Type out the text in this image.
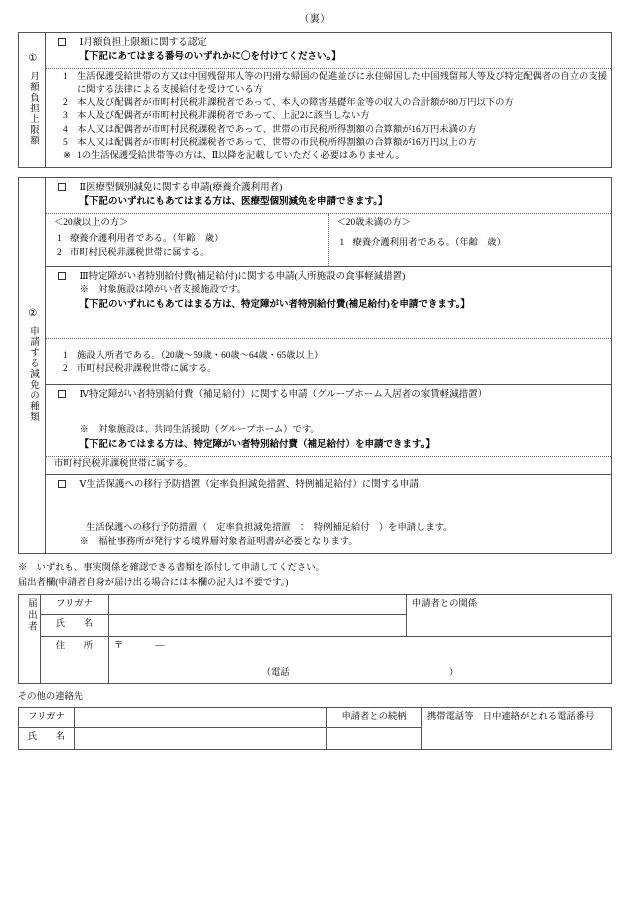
（裏）
①
月額負担上限額
Ⅰ月額負担上限額に関する認定
【下記にあてはまる番号のいずれかに〇を付けてください。】
1	生活保護受給世帯の方又は中国残留邦人等の円滑な帰国の促進並びに永住帰国した中国残留邦人等及び特定配偶者の自立の支援に関する法律による支援給付を受けている方
2	本人及び配偶者が市町村民税非課税者であって、本人の障害基礎年金等の収入の合計額が80万円以下の方
3	本人及び配偶者が市町村民税非課税者であって、上記2に該当しない方
4	本人又は配偶者が市町村民税課税者であって、世帯の市民税所得割額の合算額が16万円未満の方
5	本人又は配偶者が市町村民税課税者であって、世帯の市民税所得割額の合算額が16万円以上の方
※ 1の生活保護受給世帯等の方は、Ⅱ以降を記載していただく必要はありません。
②
申請する減免の種類
Ⅱ医療型個別減免に関する申請(療養介護利用者)
【下記のいずれにもあてはまる方は、医療型個別減免を申請できます。】
＜20歳以上の方＞
1 療養介護利用者である。（年齢　歳）
2 市町村民税非課税世帯に属する。
＜20歳未満の方＞
1 療養介護利用者である。（年齢　歳）
Ⅲ特定障がい者特別給付費(補足給付)に関する申請(入所施設の食事軽減措置)
※　対象施設は障がい者支援施設です。
【下記のいずれにもあてはまる方は、特定障がい者特別給付費(補足給付)を申請できます。】
1	施設入所者である。（20歳～59歳・60歳～64歳・65歳以上）
2	市町村民税非課税世帯に属する。
Ⅳ特定障がい者特別給付費（補足給付）に関する申請（グループホーム入居者の家賃軽減措置）
※　対象施設は、共同生活援助（グループホーム）です。
【下記にあてはまる方は、特定障がい者特別給付費（補足給付）を申請できます。】
市町村民税非課税世帯に属する。
Ⅴ生活保護への移行予防措置（定率負担減免措置、特例補足給付）に関する申請
生活保護への移行予防措置（　定率負担減免措置　：　特例補足給付　）を申請します。
※　福祉事務所が発行する境界層対象者証明書が必要となります。
※　いずれも、事実関係を確認できる書類を添付して申請してください。
届出者欄(申請者自身が届け出る場合には本欄の記入は不要です。)
届出者	フリガナ		申請者との関係
	氏　　名		
	住　　所	〒　　　―
（電話 ）	
その他の連絡先
フリガナ		申請者との続柄	携帯電話等　日中連絡がとれる電話番号
氏　　名			
